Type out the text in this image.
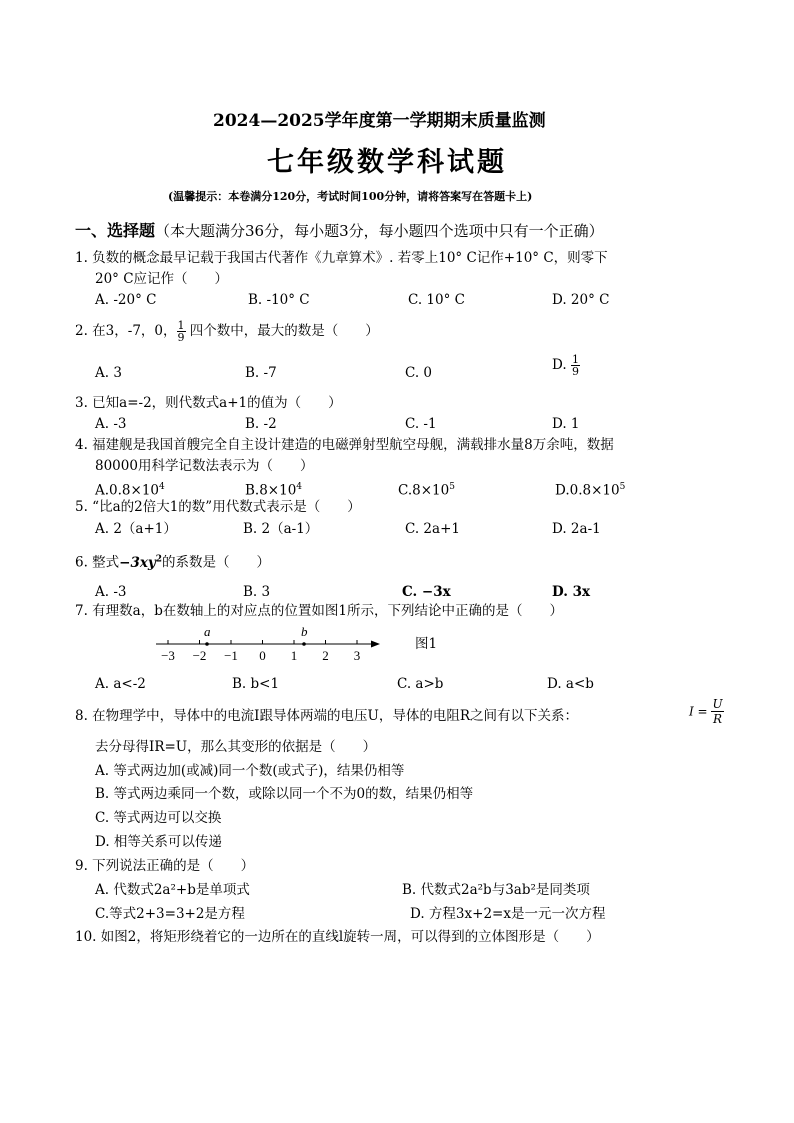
2024—2025学年度第一学期期末质量监测
七年级数学科试题
(温馨提示：本卷满分120分，考试时间100分钟，请将答案写在答题卡上)
一、选择题（本大题满分36分，每小题3分，每小题四个选项中只有一个正确）
1. 负数的概念最早记载于我国古代著作《九章算术》. 若零上10° C记作+10° C，则零下
20° C应记作（　　）
A. -20° C	B. -10° C	C. 10° C	D. 20° C
2. 在3，-7，0， $\frac{1}{9}$ 四个数中，最大的数是（　　）
A. 3	B. -7	C. 0	D. $\frac{1}{9}$
3. 已知a=-2，则代数式a+1的值为（　　）
A. -3	B. -2	C. -1	D. 1
4. 福建舰是我国首艘完全自主设计建造的电磁弹射型航空母舰，满载排水量8万余吨，数据
80000用科学记数法表示为（　　）
$A.0.8\times 10^4$	$B.8\times 10^4$	$C.8\times 10^5$	$D.0.8\times 10^5$
5. “比a的2倍大1的数”用代数式表示是（　　）
A. 2（a+1）	B. 2（a-1）	C. 2a+1	D. 2a-1
6. 整式$-3xy^2$的系数是（　　）
A. -3	B. 3	C. −3x	D. 3x
7. 有理数a，b在数轴上的对应点的位置如图1所示，下列结论中正确的是（　　）
−3 −2 −1 0 1 2 3
a	b
图1
A. a<-2	B. b<1	C. a>b	D. a<b
8. 在物理学中，导体中的电流I跟导体两端的电压U，导体的电阻R之间有以下关系：	$I = \frac{U}{R}$
去分母得IR=U，那么其变形的依据是（　　）
A. 等式两边加(或减)同一个数(或式子)，结果仍相等
B. 等式两边乘同一个数，或除以同一个不为0的数，结果仍相等
C. 等式两边可以交换
D. 相等关系可以传递
9. 下列说法正确的是（　　）
A. 代数式2a²+b是单项式	B. 代数式2a²b与3ab²是同类项
C.等式2+3=3+2是方程	D. 方程3x+2=x是一元一次方程
10. 如图2，将矩形绕着它的一边所在的直线l旋转一周，可以得到的立体图形是（　　）
